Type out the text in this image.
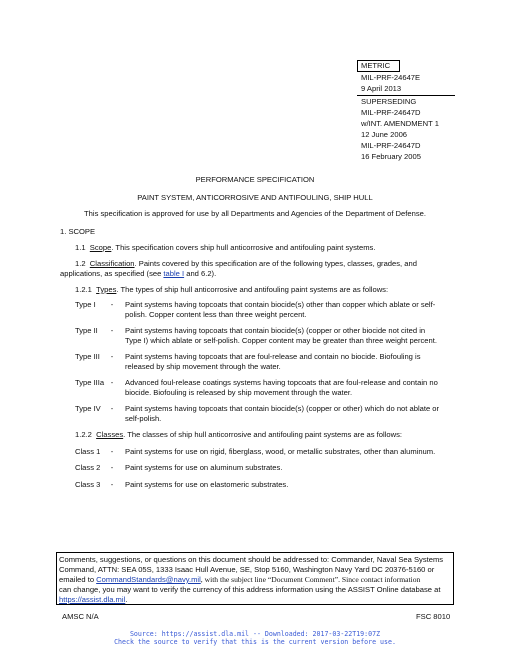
METRIC
MIL-PRF-24647E
9 April 2013
SUPERSEDING
MIL-PRF-24647D
w/INT. AMENDMENT 1
12 June 2006
MIL-PRF-24647D
16 February 2005
PERFORMANCE SPECIFICATION
PAINT SYSTEM, ANTICORROSIVE AND ANTIFOULING, SHIP HULL
This specification is approved for use by all Departments and Agencies of the Department of Defense.
1. SCOPE
1.1 Scope. This specification covers ship hull anticorrosive and antifouling paint systems.
1.2 Classification. Paints covered by this specification are of the following types, classes, grades, and
applications, as specified (see table I and 6.2).
1.2.1 Types. The types of ship hull anticorrosive and antifouling paint systems are as follows:
Type I	-	Paint systems having topcoats that contain biocide(s) other than copper which ablate or self-
polish. Copper content less than three weight percent.
Type II	-	Paint systems having topcoats that contain biocide(s) (copper or other biocide not cited in
Type I) which ablate or self-polish. Copper content may be greater than three weight percent.
Type III	-	Paint systems having topcoats that are foul-release and contain no biocide. Biofouling is
released by ship movement through the water.
Type IIIa -	Advanced foul-release coatings systems having topcoats that are foul-release and contain no
biocide. Biofouling is released by ship movement through the water.
Type IV	-	Paint systems having topcoats that contain biocide(s) (copper or other) which do not ablate or
self-polish.
1.2.2 Classes. The classes of ship hull anticorrosive and antifouling paint systems are as follows:
Class 1	-	Paint systems for use on rigid, fiberglass, wood, or metallic substrates, other than aluminum.
Class 2	-	Paint systems for use on aluminum substrates.
Class 3	-	Paint systems for use on elastomeric substrates.
Comments, suggestions, or questions on this document should be addressed to: Commander, Naval Sea Systems
Command, ATTN: SEA 05S, 1333 Isaac Hull Avenue, SE, Stop 5160, Washington Navy Yard DC 20376-5160 or
emailed to CommandStandards@navy.mil, with the subject line “Document Comment”. Since contact information
can change, you may want to verify the currency of this address information using the ASSIST Online database at
https://assist.dla.mil.
AMSC N/A	FSC 8010
Source: https://assist.dla.mil -- Downloaded: 2017-03-22T19:07Z
Check the source to verify that this is the current version before use.
